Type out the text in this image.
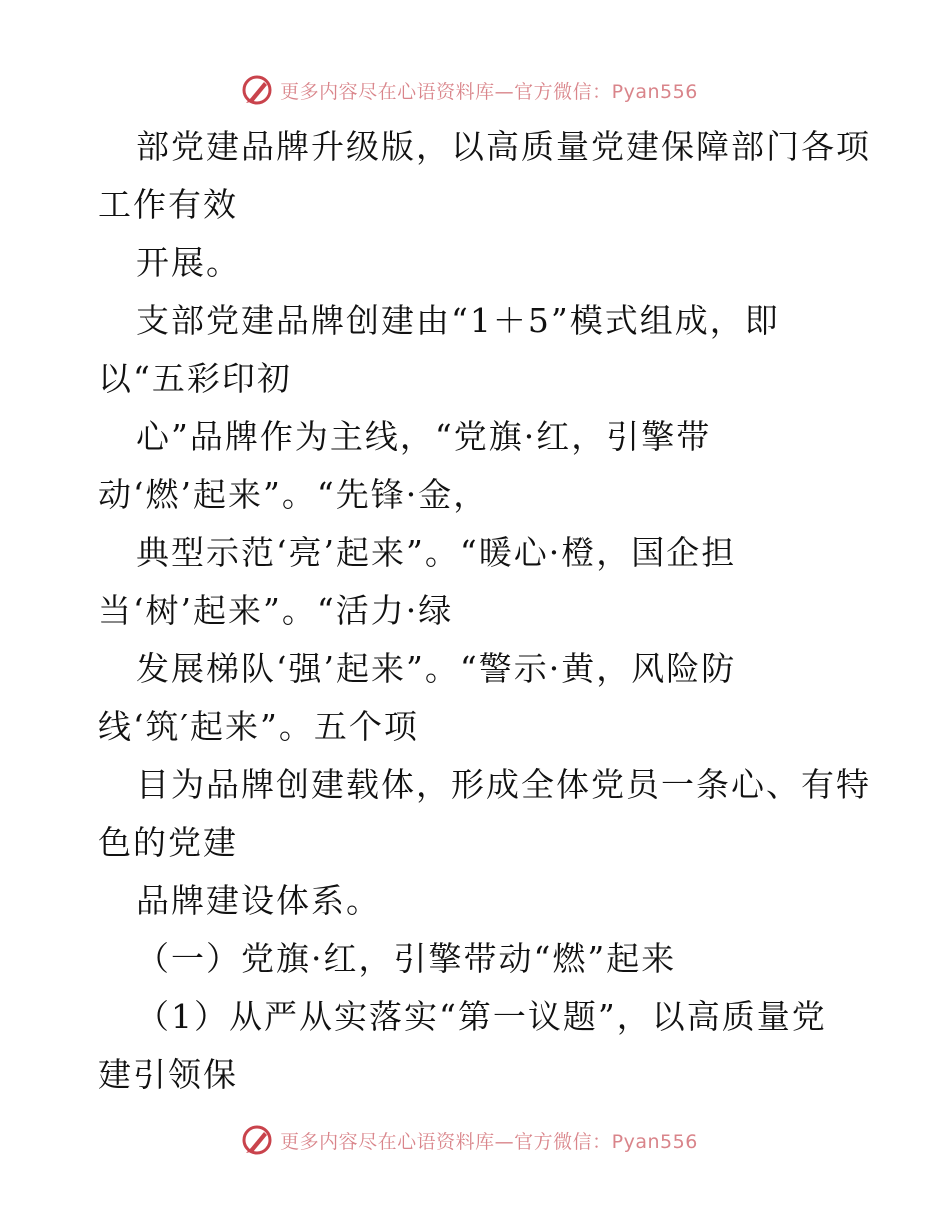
更多内容尽在心语资料库—官方微信：Pyan556
部党建品牌升级版，以高质量党建保障部门各项
工作有效
开展。
支部党建品牌创建由“1＋5”模式组成，即
以“五彩印初
心”品牌作为主线，“党旗·红，引擎带
动‘燃’起来”。“先锋·金，
典型示范‘亮’起来”。“暖心·橙，国企担
当‘树’起来”。“活力·绿
发展梯队‘强’起来”。“警示·黄，风险防
线‘筑′起来”。五个项
目为品牌创建载体，形成全体党员一条心、有特
色的党建
品牌建设体系。
（一）党旗·红，引擎带动“燃”起来
（1）从严从实落实“第一议题”，以高质量党
建引领保
更多内容尽在心语资料库—官方微信：Pyan556
